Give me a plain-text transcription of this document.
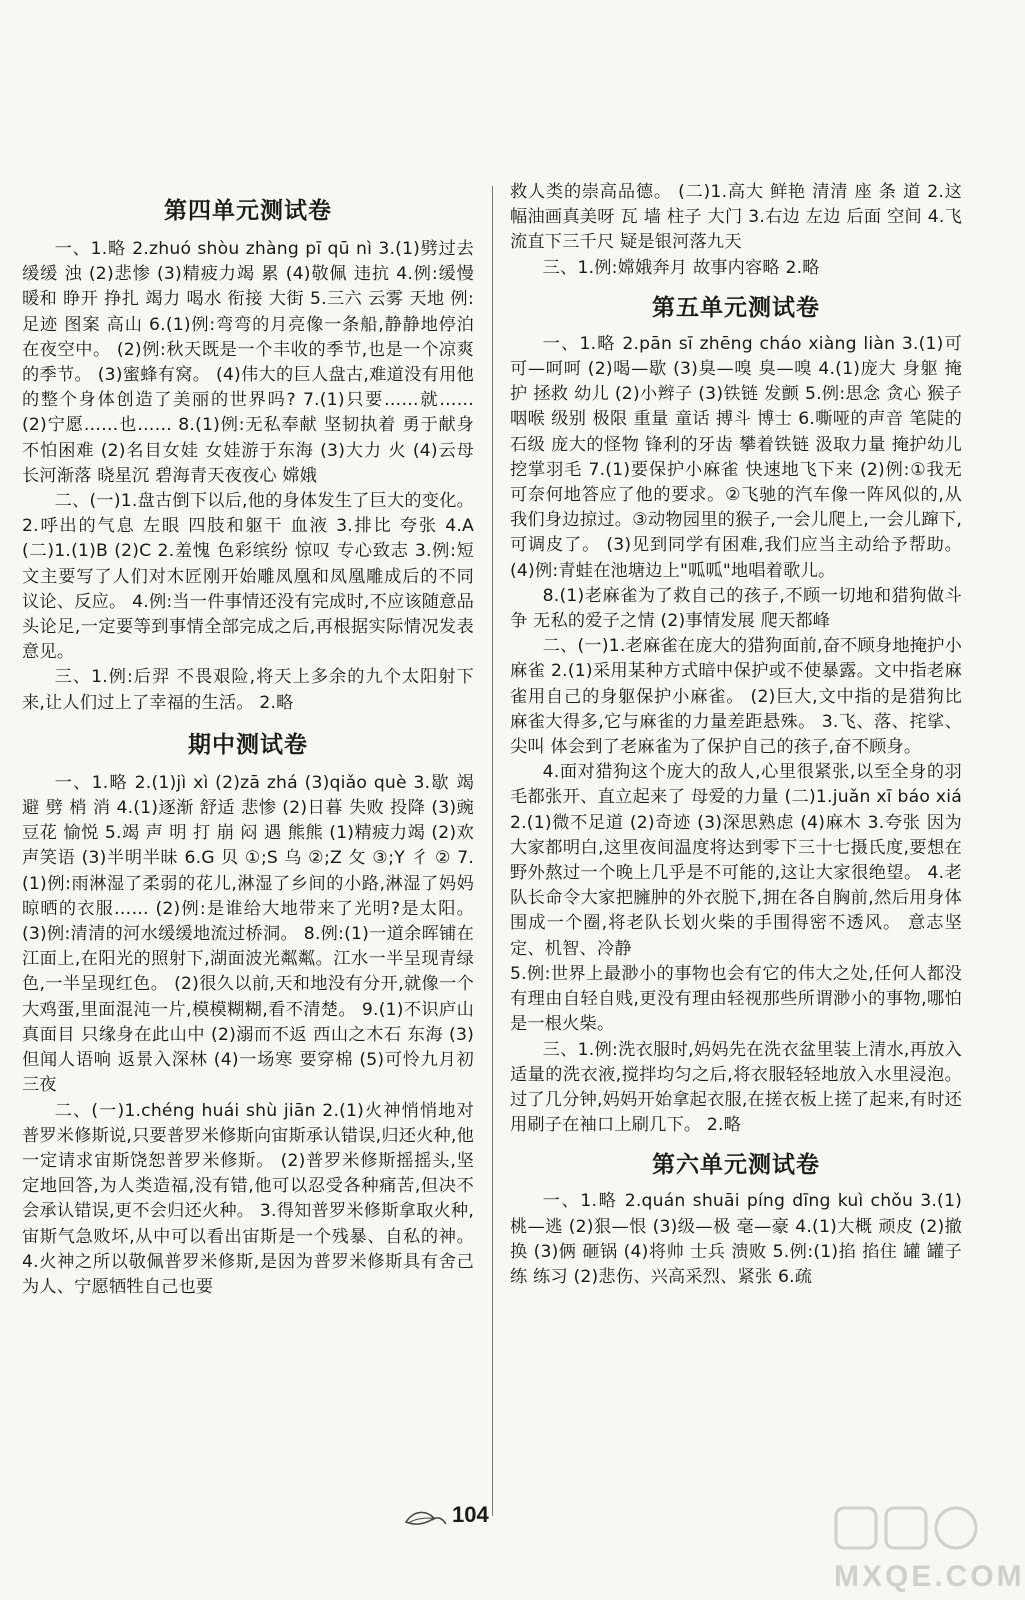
第四单元测试卷

一、1.略 2.zhuó shòu zhàng pī qū nì 3.(1)劈过去 缓缓 浊 (2)悲惨 (3)精疲力竭 累 (4)敬佩 违抗 4.例:缓慢 暖和 睁开 挣扎 竭力 喝水 衔接 大街 5.三六 云雾 天地 例:足迹 图案 高山 6.(1)例:弯弯的月亮像一条船,静静地停泊在夜空中。 (2)例:秋天既是一个丰收的季节,也是一个凉爽的季节。 (3)蜜蜂有窝。 (4)伟大的巨人盘古,难道没有用他的整个身体创造了美丽的世界吗? 7.(1)只要……就…… (2)宁愿……也…… 8.(1)例:无私奉献 坚韧执着 勇于献身 不怕困难 (2)名目女娃 女娃游于东海 (3)大力 火 (4)云母 长河渐落 晓星沉 碧海青天夜夜心 嫦娥

二、(一)1.盘古倒下以后,他的身体发生了巨大的变化。 2.呼出的气息 左眼 四肢和躯干 血液 3.排比 夸张 4.A (二)1.(1)B (2)C 2.羞愧 色彩缤纷 惊叹 专心致志 3.例:短文主要写了人们对木匠刚开始雕凤凰和凤凰雕成后的不同议论、反应。 4.例:当一件事情还没有完成时,不应该随意品头论足,一定要等到事情全部完成之后,再根据实际情况发表意见。

三、1.例:后羿 不畏艰险,将天上多余的九个太阳射下来,让人们过上了幸福的生活。 2.略

期中测试卷

一、1.略 2.(1)jì xì (2)zā zhá (3)qiǎo què 3.歇 竭 避 劈 梢 消 4.(1)逐渐 舒适 悲惨 (2)日暮 失败 投降 (3)豌豆花 愉悦 5.竭 声 明 打 崩 闷 遇 熊熊 (1)精疲力竭 (2)欢声笑语 (3)半明半昧 6.G 贝 ①;S 乌 ②;Z 攵 ③;Y 彳 ② 7.(1)例:雨淋湿了柔弱的花儿,淋湿了乡间的小路,淋湿了妈妈晾晒的衣服…… (2)例:是谁给大地带来了光明?是太阳。 (3)例:清清的河水缓缓地流过桥洞。 8.例:(1)一道余晖铺在江面上,在阳光的照射下,湖面波光粼粼。江水一半呈现青绿色,一半呈现红色。 (2)很久以前,天和地没有分开,就像一个大鸡蛋,里面混沌一片,模模糊糊,看不清楚。 9.(1)不识庐山真面目 只缘身在此山中 (2)溺而不返 西山之木石 东海 (3)但闻人语响 返景入深林 (4)一场寒 要穿棉 (5)可怜九月初三夜

二、(一)1.chéng huái shù jiān 2.(1)火神悄悄地对普罗米修斯说,只要普罗米修斯向宙斯承认错误,归还火种,他一定请求宙斯饶恕普罗米修斯。 (2)普罗米修斯摇摇头,坚定地回答,为人类造福,没有错,他可以忍受各种痛苦,但决不会承认错误,更不会归还火种。 3.得知普罗米修斯拿取火种,宙斯气急败坏,从中可以看出宙斯是一个残暴、自私的神。 4.火神之所以敬佩普罗米修斯,是因为普罗米修斯具有舍己为人、宁愿牺牲自己也要

救人类的崇高品德。 (二)1.高大 鲜艳 清清 座 条 道 2.这幅油画真美呀 瓦 墙 柱子 大门 3.右边 左边 后面 空间 4.飞流直下三千尺 疑是银河落九天

三、1.例:嫦娥奔月 故事内容略 2.略

第五单元测试卷

一、1.略 2.pān sī zhēng cháo xiàng liàn 3.(1)可可—呵呵 (2)喝—歇 (3)臭—嗅 臭—嗅 4.(1)庞大 身躯 掩护 拯救 幼儿 (2)小辫子 (3)铁链 发颤 5.例:思念 贪心 猴子 咽喉 级别 极限 重量 童话 搏斗 博士 6.嘶哑的声音 笔陡的石级 庞大的怪物 锋利的牙齿 攀着铁链 汲取力量 掩护幼儿 挖掌羽毛 7.(1)要保护小麻雀 快速地飞下来 (2)例:①我无可奈何地答应了他的要求。②飞驰的汽车像一阵风似的,从我们身边掠过。③动物园里的猴子,一会儿爬上,一会儿蹿下,可调皮了。 (3)见到同学有困难,我们应当主动给予帮助。 (4)例:青蛙在池塘边上"呱呱"地唱着歌儿。

8.(1)老麻雀为了救自己的孩子,不顾一切地和猎狗做斗争 无私的爱子之情 (2)事情发展 爬天都峰

二、(一)1.老麻雀在庞大的猎狗面前,奋不顾身地掩护小麻雀 2.(1)采用某种方式暗中保护或不使暴露。文中指老麻雀用自己的身躯保护小麻雀。 (2)巨大,文中指的是猎狗比麻雀大得多,它与麻雀的力量差距悬殊。 3.飞、落、挓挲、尖叫 体会到了老麻雀为了保护自己的孩子,奋不顾身。

4.面对猎狗这个庞大的敌人,心里很紧张,以至全身的羽毛都张开、直立起来了 母爱的力量 (二)1.juǎn xī báo xiá 2.(1)微不足道 (2)奇迹 (3)深思熟虑 (4)麻木 3.夸张 因为大家都明白,这里夜间温度将达到零下三十七摄氏度,要想在野外熬过一个晚上几乎是不可能的,这让大家很绝望。 4.老队长命令大家把臃肿的外衣脱下,拥在各自胸前,然后用身体围成一个圈,将老队长划火柴的手围得密不透风。 意志坚定、机智、冷静

5.例:世界上最渺小的事物也会有它的伟大之处,任何人都没有理由自轻自贱,更没有理由轻视那些所谓渺小的事物,哪怕是一根火柴。

三、1.例:洗衣服时,妈妈先在洗衣盆里装上清水,再放入适量的洗衣液,搅拌均匀之后,将衣服轻轻地放入水里浸泡。过了几分钟,妈妈开始拿起衣服,在搓衣板上搓了起来,有时还用刷子在袖口上刷几下。 2.略

第六单元测试卷

一、1.略 2.quán shuāi píng dīng kuì chǒu 3.(1)桃—逃 (2)狠—恨 (3)级—极 毫—豪 4.(1)大概 顽皮 (2)撤换 (3)俩 砸锅 (4)将帅 士兵 溃败 5.例:(1)掐 掐住 罐 罐子 练 练习 (2)悲伤、兴高采烈、紧张 6.疏

104
MXQE.COM
